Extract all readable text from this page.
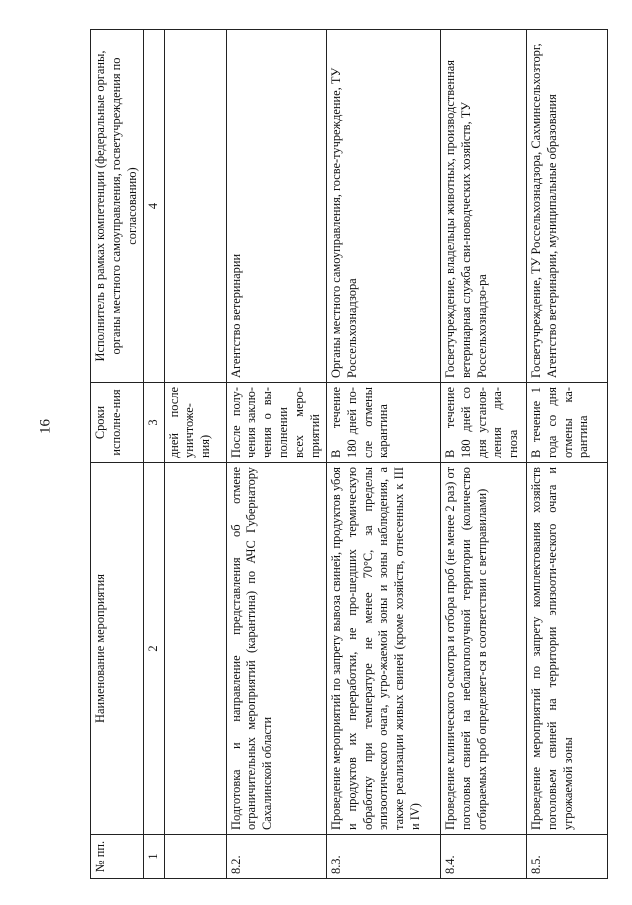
16
№ пп.	Наименование мероприятия	Сроки исполне-ния	Исполнитель в рамках компетенции (федеральные органы, органы местного самоуправления, госветучреждения по согласованию)
1	2	3	4
		дней после уничтоже-ния)	
8.2.	Подготовка и направление представления об отмене ограничительных мероприятий (карантина) по АЧС Губернатору Сахалинской области	После полу-чения заклю-чения о вы-полнении всех меро-приятий	Агентство ветеринарии
8.3.	Проведение мероприятий по запрету вывоза свиней, продуктов убоя и продуктов их переработки, не про-шедших термическую обработку при температуре не менее 70°С, за пределы эпизоотического очага, угро-жаемой зоны и зоны наблюдения, а также реализации живых свиней (кроме хозяйств, отнесенных к III и IV)	В течение 180 дней по-сле отмены карантина	Органы местного самоуправления, госве-тучреждение, ТУ Россельхознадзора
8.4.	Проведение клинического осмотра и отбора проб (не менее 2 раз) от поголовья свиней на неблагополучной территории (количество отбираемых проб определяет-ся в соответствии с ветправилами)	В течение 180 дней со дня установ-ления диа-гноза	Госветучреждение, владельцы животных, производственная ветеринарная служба сви-новодческих хозяйств, ТУ Россельхознадзо-ра
8.5.	Проведение мероприятий по запрету комплектования хозяйств поголовьем свиней на территории эпизооти-ческого очага и угрожаемой зоны	В течение 1 года со дня отмены ка-рантина	Госветучреждение, ТУ Россельхознадзора, Сахминсельхозторг, Агентство ветеринарии, муниципальные образования
